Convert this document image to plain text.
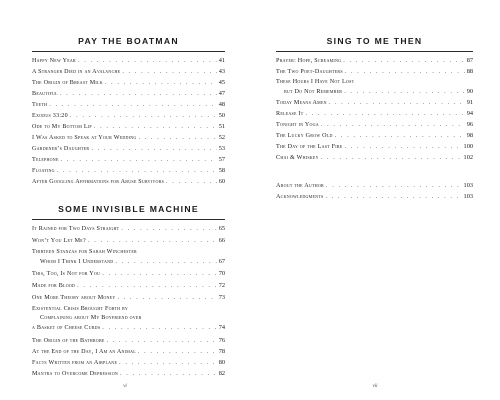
PAY THE BOATMAN
Happy New Year . . .	41
A Stranger Died in an Avalanche . . .	43
The Origin of Breast Milk . . .	45
Beautiful . . .	47
Teeth . . .	48
Exodus 33:20 . . .	50
Ode to My Bottom Lip . . .	51
I Was Asked to Speak at Your Wedding . . .	52
Gardener’s Daughter . . .	53
Telephone . . .	57
Floating . . .	58
After Googling Affirmations for Abuse Survivors . . .	60
SOME INVISIBLE MACHINE
It Rained for Two Days Straight . . .	65
Won’t You Let Me? . . .	66
Thirteen Stanzas for Sarah Winchester
Whom I Think I Understand . . .	67
This, Too, Is Not for You . . .	70
Made for Blood . . .	72
One More Theory about Money . . .	73
Existential Crisis Brought Forth by
Complaining about My Boyfriend over
a Basket of Cheese Curds . . .	74
The Origin of the Bathrobe . . .	76
At the End of the Day, I Am an Animal . . .	78
Facts Written from an Airplane . . .	80
Mantra to Overcome Depression . . .	82
vi
SING TO ME THEN
Prayer: Hope, Screaming . . .	87
The Two Poet-Daughters . . .	88
These Hours I Have Not Lost
but Do Not Remember . . .	90
Today Means Amen . . .	91
Release It . . .	94
Tonight in Yoga . . .	96
The Lucky Grow Old . . .	98
The Day of the Last Fire . . .	100
Chai & Whiskey . . .	102
About the Author . . .	103
Acknowledgments . . .	103
vii
